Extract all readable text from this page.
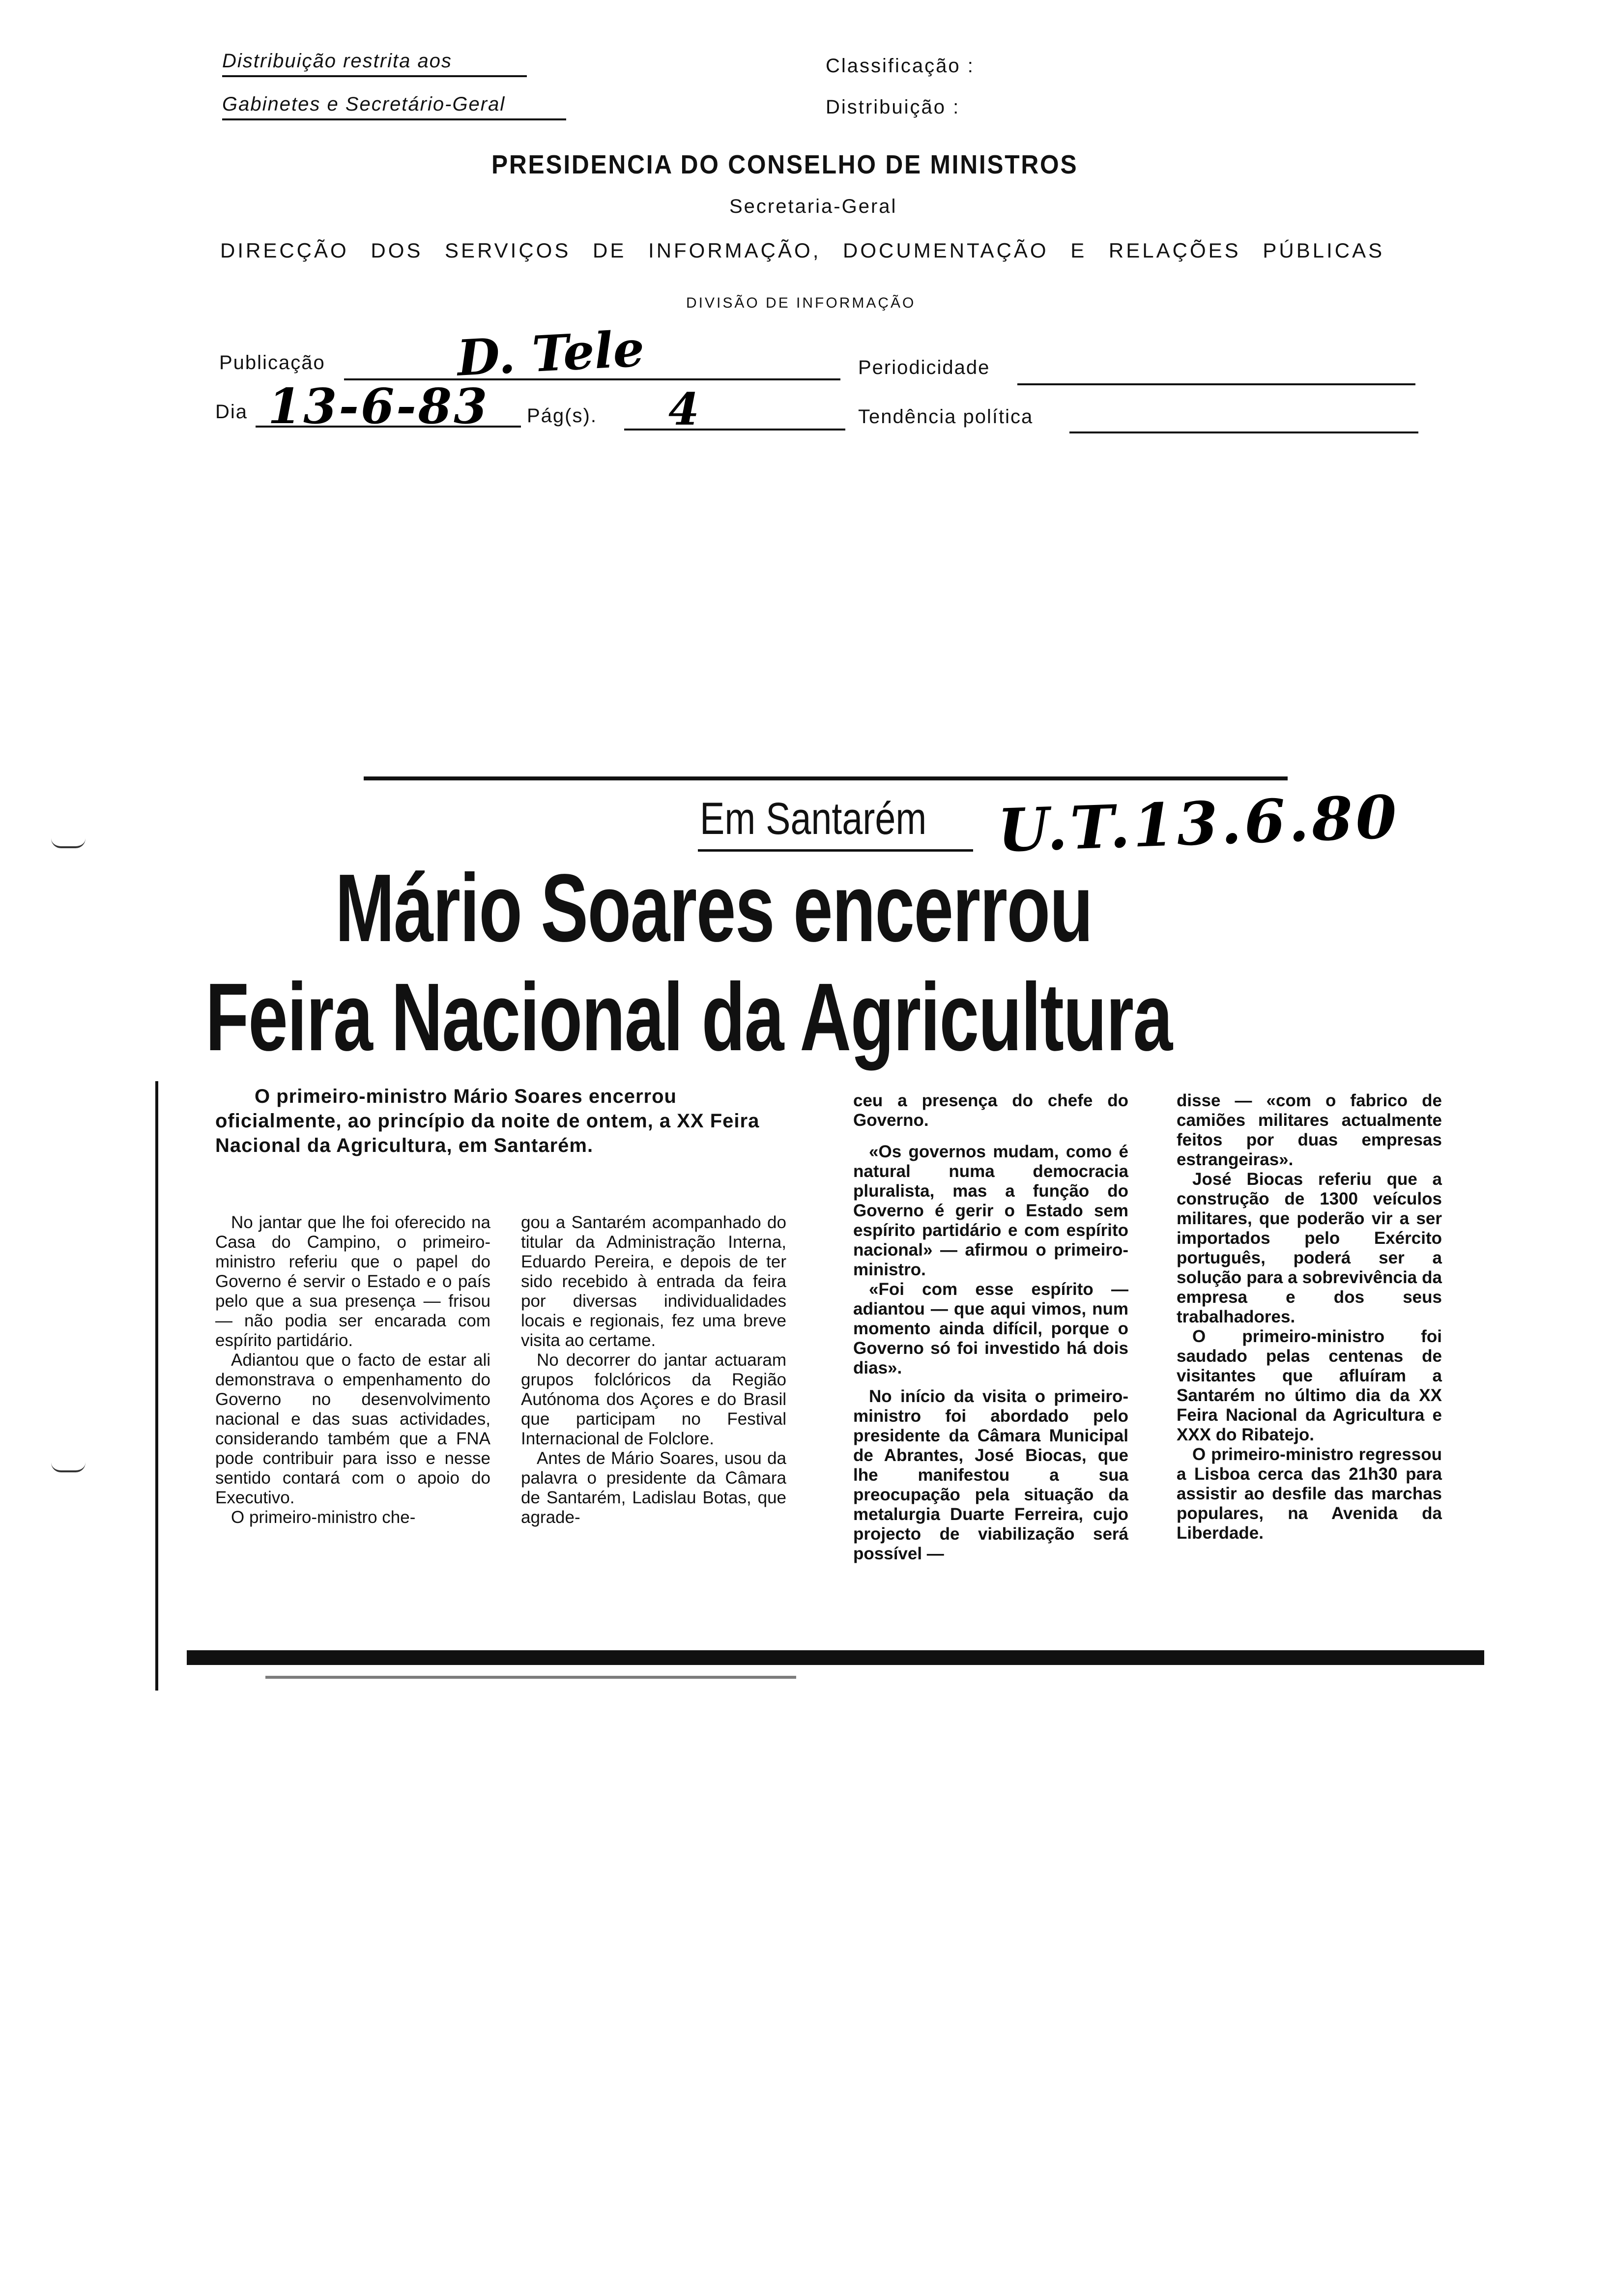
Distribuição restrita aos
Gabinetes e Secretário-Geral
Classificação :
Distribuição :
PRESIDENCIA DO CONSELHO DE MINISTROS
Secretaria-Geral
DIRECÇÃO DOS SERVIÇOS DE INFORMAÇÃO, DOCUMENTAÇÃO E RELAÇÕES PÚBLICAS
DIVISÃO DE INFORMAÇÃO
Publicação	D. Tele	Periodicidade
Dia 13-6-83 Pág(s). 4	Tendência política
Em Santarém U.T.13.6.80
Mário Soares encerrou
Feira Nacional da Agricultura
O primeiro-ministro Mário Soares encerrou oficialmente, ao princípio da noite de ontem, a XX Feira Nacional da Agricultura, em Santarém.

No jantar que lhe foi oferecido na Casa do Campino, o primeiro-ministro referiu que o papel do Governo é servir o Estado e o país pelo que a sua presença — frisou — não podia ser encarada com espírito partidário.

Adiantou que o facto de estar ali demonstrava o empenhamento do Governo no desenvolvimento nacional e das suas actividades, considerando também que a FNA pode contribuir para isso e nesse sentido contará com o apoio do Executivo.

O primeiro-ministro che-

gou a Santarém acompanhado do titular da Administração Interna, Eduardo Pereira, e depois de ter sido recebido à entrada da feira por diversas individualidades locais e regionais, fez uma breve visita ao certame.

No decorrer do jantar actuaram grupos folclóricos da Região Autónoma dos Açores e do Brasil que participam no Festival Internacional de Folclore.

Antes de Mário Soares, usou da palavra o presidente da Câmara de Santarém, Ladislau Botas, que agrade-

ceu a presença do chefe do Governo.

«Os governos mudam, como é natural numa democracia pluralista, mas a função do Governo é gerir o Estado sem espírito partidário e com espírito nacional» — afirmou o primeiro-ministro.

«Foi com esse espírito — adiantou — que aqui vimos, num momento ainda difícil, porque o Governo só foi investido há dois dias».

No início da visita o primeiro-ministro foi abordado pelo presidente da Câmara Municipal de Abrantes, José Biocas, que lhe manifestou a sua preocupação pela situação da metalurgia Duarte Ferreira, cujo projecto de viabilização será possível —

disse — «com o fabrico de camiões militares actualmente feitos por duas empresas estrangeiras».

José Biocas referiu que a construção de 1300 veículos militares, que poderão vir a ser importados pelo Exército português, poderá ser a solução para a sobrevivência da empresa e dos seus trabalhadores.

O primeiro-ministro foi saudado pelas centenas de visitantes que afluíram a Santarém no último dia da XX Feira Nacional da Agricultura e XXX do Ribatejo.

O primeiro-ministro regressou a Lisboa cerca das 21h30 para assistir ao desfile das marchas populares, na Avenida da Liberdade.
